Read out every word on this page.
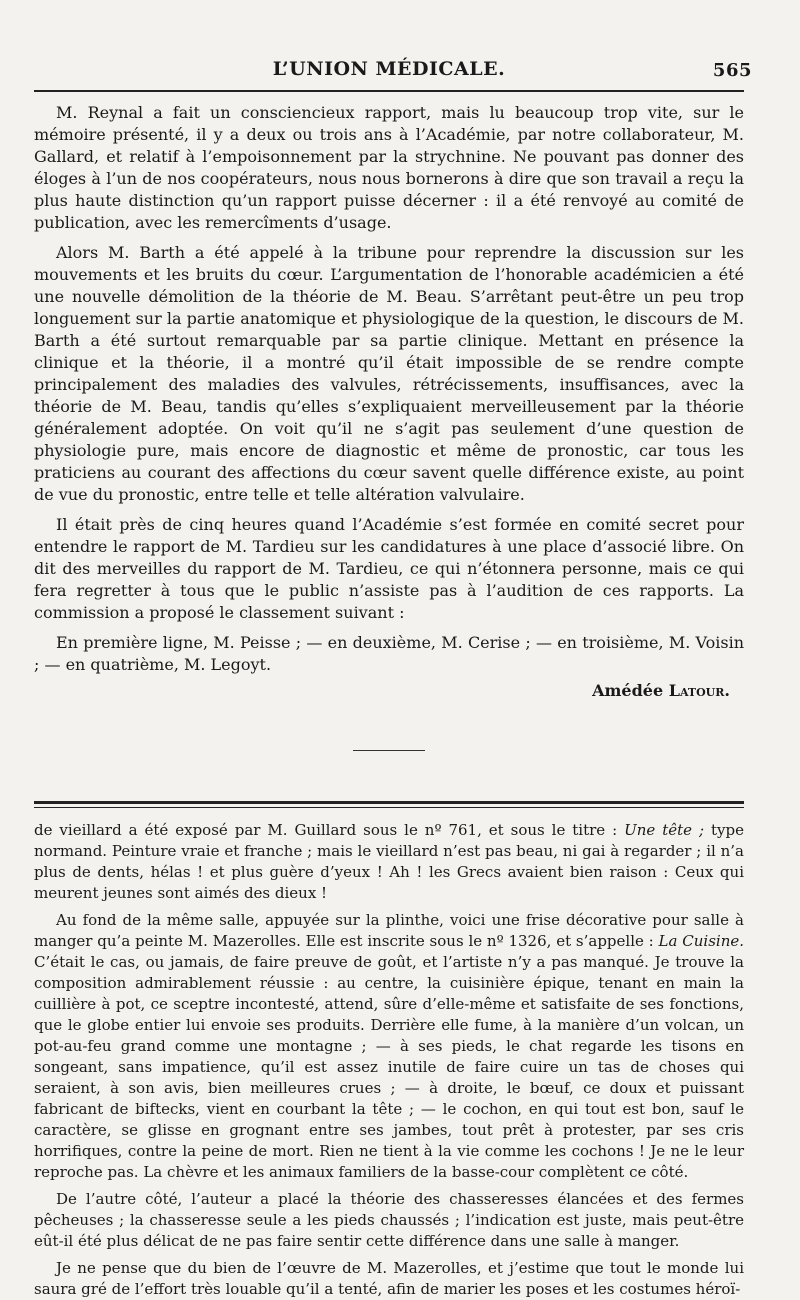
L’UNION MÉDICALE.	565

M. Reynal a fait un consciencieux rapport, mais lu beaucoup trop vite, sur le mémoire présenté, il y a deux ou trois ans à l’Académie, par notre collaborateur, M. Gallard, et relatif à l’empoisonnement par la strychnine. Ne pouvant pas donner des éloges à l’un de nos coopérateurs, nous nous bornerons à dire que son travail a reçu la plus haute distinction qu’un rapport puisse décerner : il a été renvoyé au comité de publication, avec les remercîments d’usage.

Alors M. Barth a été appelé à la tribune pour reprendre la discussion sur les mouvements et les bruits du cœur. L’argumentation de l’honorable académicien a été une nouvelle démolition de la théorie de M. Beau. S’arrêtant peut-être un peu trop longuement sur la partie anatomique et physiologique de la question, le discours de M. Barth a été surtout remarquable par sa partie clinique. Mettant en présence la clinique et la théorie, il a montré qu’il était impossible de se rendre compte principalement des maladies des valvules, rétrécissements, insuffisances, avec la théorie de M. Beau, tandis qu’elles s’expliquaient merveilleusement par la théorie généralement adoptée. On voit qu’il ne s’agit pas seulement d’une question de physiologie pure, mais encore de diagnostic et même de pronostic, car tous les praticiens au courant des affections du cœur savent quelle différence existe, au point de vue du pronostic, entre telle et telle altération valvulaire.

Il était près de cinq heures quand l’Académie s’est formée en comité secret pour entendre le rapport de M. Tardieu sur les candidatures à une place d’associé libre. On dit des merveilles du rapport de M. Tardieu, ce qui n’étonnera personne, mais ce qui fera regretter à tous que le public n’assiste pas à l’audition de ces rapports. La commission a proposé le classement suivant :

En première ligne, M. Peisse ; — en deuxième, M. Cerise ; — en troisième, M. Voisin ; — en quatrième, M. Legoyt.

Amédée Latour.

de vieillard a été exposé par M. Guillard sous le nº 761, et sous le titre : Une tête ; type normand. Peinture vraie et franche ; mais le vieillard n’est pas beau, ni gai à regarder ; il n’a plus de dents, hélas ! et plus guère d’yeux ! Ah ! les Grecs avaient bien raison : Ceux qui meurent jeunes sont aimés des dieux !

Au fond de la même salle, appuyée sur la plinthe, voici une frise décorative pour salle à manger qu’a peinte M. Mazerolles. Elle est inscrite sous le nº 1326, et s’appelle : La Cuisine. C’était le cas, ou jamais, de faire preuve de goût, et l’artiste n’y a pas manqué. Je trouve la composition admirablement réussie : au centre, la cuisinière épique, tenant en main la cuillière à pot, ce sceptre incontesté, attend, sûre d’elle-même et satisfaite de ses fonctions, que le globe entier lui envoie ses produits. Derrière elle fume, à la manière d’un volcan, un pot-au-feu grand comme une montagne ; — à ses pieds, le chat regarde les tisons en songeant, sans impatience, qu’il est assez inutile de faire cuire un tas de choses qui seraient, à son avis, bien meilleures crues ; — à droite, le bœuf, ce doux et puissant fabricant de biftecks, vient en courbant la tête ; — le cochon, en qui tout est bon, sauf le caractère, se glisse en grognant entre ses jambes, tout prêt à protester, par ses cris horrifiques, contre la peine de mort. Rien ne tient à la vie comme les cochons ! Je ne le leur reproche pas. La chèvre et les animaux familiers de la basse-cour complètent ce côté.

De l’autre côté, l’auteur a placé la théorie des chasseresses élancées et des fermes pêcheuses ; la chasseresse seule a les pieds chaussés ; l’indication est juste, mais peut-être eût-il été plus délicat de ne pas faire sentir cette différence dans une salle à manger.

Je ne pense que du bien de l’œuvre de M. Mazerolles, et j’estime que tout le monde lui saura gré de l’effort très louable qu’il a tenté, afin de marier les poses et les costumes héroï-
